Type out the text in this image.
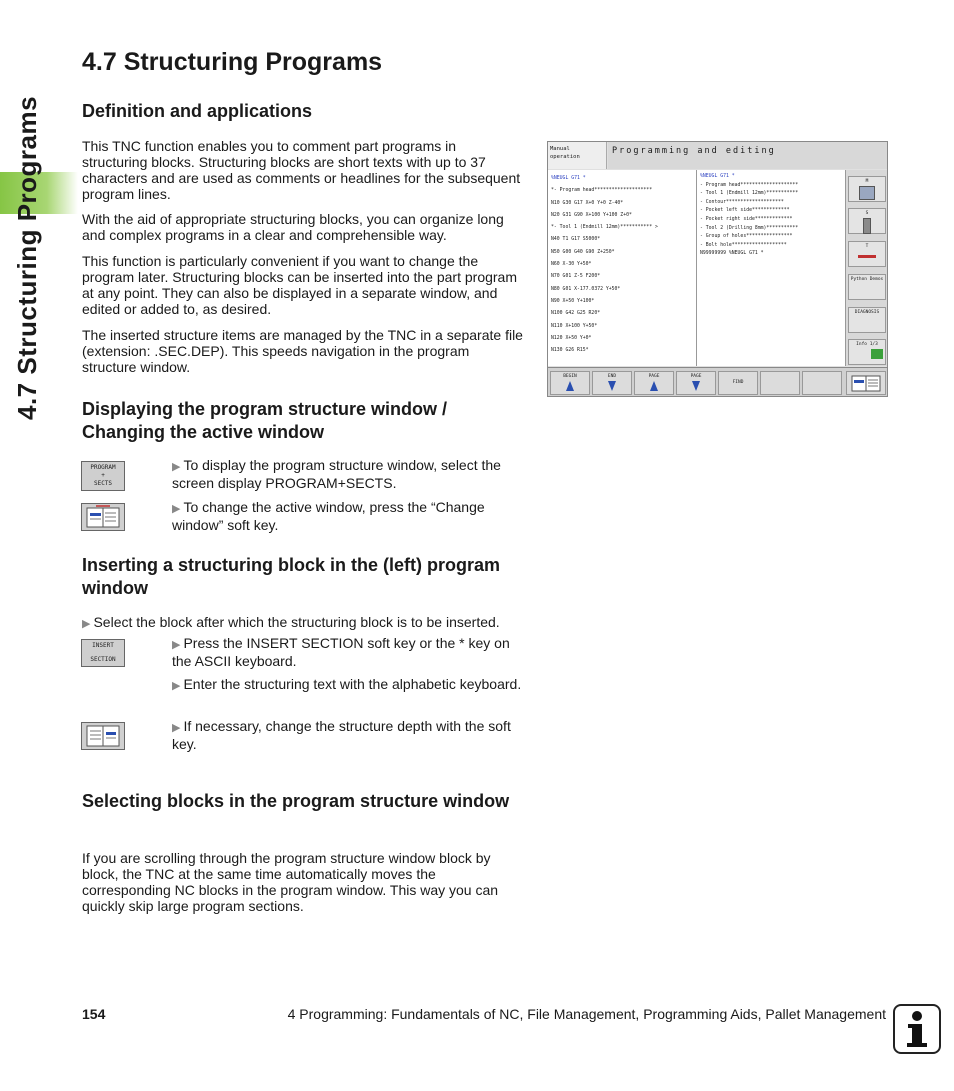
4.7 Structuring Programs
4.7 Structuring Programs
Definition and applications

This TNC function enables you to comment part programs in structuring blocks. Structuring blocks are short texts with up to 37 characters and are used as comments or headlines for the subsequent program lines.

With the aid of appropriate structuring blocks, you can organize long and complex programs in a clear and comprehensible way.

This function is particularly convenient if you want to change the program later. Structuring blocks can be inserted into the part program at any point. They can also be displayed in a separate window, and edited or added to, as desired.

The inserted structure items are managed by the TNC in a separate file (extension: .SEC.DEP). This speeds navigation in the program structure window.

Manual
operation
Programming and editing
%NEUGL G71 *
*- Program head********************
N10 G30 G17 X+0 Y+0 Z-40*
N20 G31 G90 X+100 Y+100 Z+0*
*- Tool 1 (Endmill 12mm)*********** >
N40 T1 G17 S5000*
N50 G00 G40 G90 Z+250*
N60 X-30 Y+50*
N70 G01 Z-5 F200*
N80 G01 X-177.0372 Y+50*
N90 X+50 Y+100*
N100 G42 G25 R20*
N110 X+100 Y+50*
N120 X+50 Y+0*
N130 G26 R15*
%NEUGL G71 *
- Program head********************
- Tool 1 (Endmill 12mm)***********
- Contour********************
- Pocket left side*************
- Pocket right side*************
- Tool 2 (Drilling 8mm)***********
- Group of holes****************
- Bolt hole*******************
N99999999 %NEUGL G71 *
M
S
T
Python Demos
DIAGNOSIS
Info 1/3
BEGIN	END	PAGE	PAGE
FIND
Displaying the program structure window / Changing the active window
PROGRAM
+
SECTS
▶ To display the program structure window, select the screen display PROGRAM+SECTS.
▶ To change the active window, press the “Change window” soft key.
Inserting a structuring block in the (left) program window
▶ Select the block after which the structuring block is to be inserted.
INSERT
SECTION
▶ Press the INSERT SECTION soft key or the * key on the ASCII keyboard.
▶ Enter the structuring text with the alphabetic keyboard.
▶ If necessary, change the structure depth with the soft key.
Selecting blocks in the program structure window

If you are scrolling through the program structure window block by block, the TNC at the same time automatically moves the corresponding NC blocks in the program window. This way you can quickly skip large program sections.

154	4 Programming: Fundamentals of NC, File Management, Programming Aids, Pallet Management
